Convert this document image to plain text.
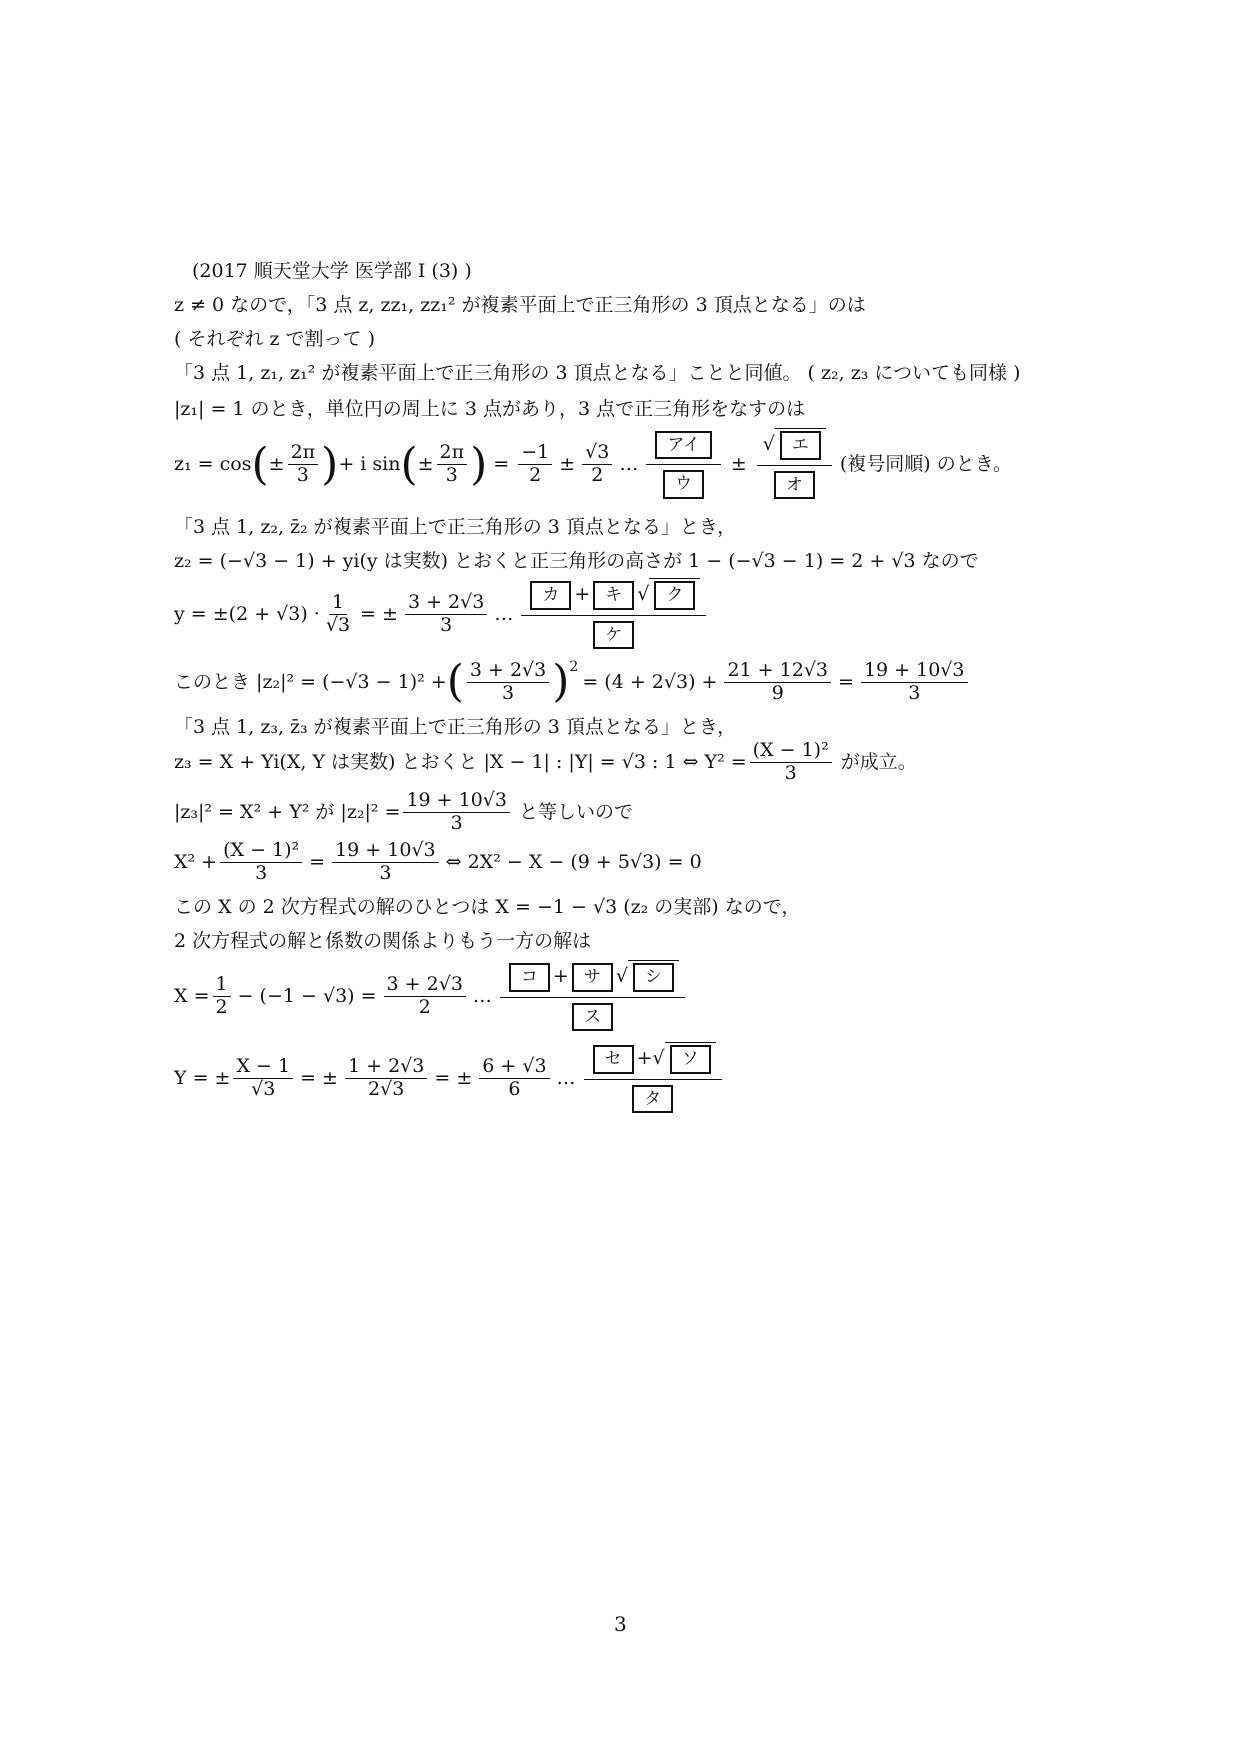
(2017 順天堂大学 医学部 I (3) )
z ≠ 0 なので，「3 点 z, zz₁, zz₁² が複素平面上で正三角形の 3 頂点となる」のは
( それぞれ z で割って )
「3 点 1, z₁, z₁² が複素平面上で正三角形の 3 頂点となる」ことと同値。 ( z₂, z₃ についても同様 )
|z₁| = 1 のとき，単位円の周上に 3 点があり，3 点で正三角形をなすのは
z₁ = cos ( ± $\frac{2\pi}{3}$ ) + i sin ( ± $\frac{2\pi}{3}$ ) = $\frac{-1}{2} \pm \frac{√3}{2}$ …
アイ
ウ
±
√ エ
オ
(複号同順) のとき。
「3 点 1, z₂, z̄₂ が複素平面上で正三角形の 3 頂点となる」とき，
z₂ = (−√3 − 1) + yi(y は実数) とおくと正三角形の高さが 1 − (−√3 − 1) = 2 + √3 なので
$y = \pm(2 + √3) \cdot \frac{1}{√3}$ = ± $\frac{3 + 2√3}{3}$ …
カ + キ √ ク
ケ
このとき |z₂|² = (−√3 − 1)² + ( $\frac{3 + 2√3}{3} )^2$
= $(4 + 2√3) + \frac{21 + 12√3}{9} = \frac{19 + 10√3}{3}$
「3 点 1, z₃, z̄₃ が複素平面上で正三角形の 3 頂点となる」とき，
z₃ = X + Yi(X, Y は実数) とおくと |X − 1| : |Y| = √3 : 1 ⇔ $Y^2 = \frac{\text{(X − 1)²}}{3}$ が成立。
|z₃|² = X² + Y² が $|z_2|^2 = \frac{19 + 10√3}{3}$ と等しいので
$X^2 + \frac{\text{(X − 1)²}}{3} = \frac{19 + 10√3}{3}$ ⇔ 2X² − X − (9 + 5√3) = 0
この X の 2 次方程式の解のひとつは X = −1 − √3 (z₂ の実部) なので，
2 次方程式の解と係数の関係よりもう一方の解は
$X = \frac{1}{2} - (-1 - √3) = \frac{3 + 2√3}{2}$ …
コ + サ √ シ
ス
Y = ± $\frac{X - 1}{√3}$ = ± $\frac{1 + 2√3}{2√3}$ = ± $\frac{6 + √3}{6}$ …
セ +√ ソ
タ
3
